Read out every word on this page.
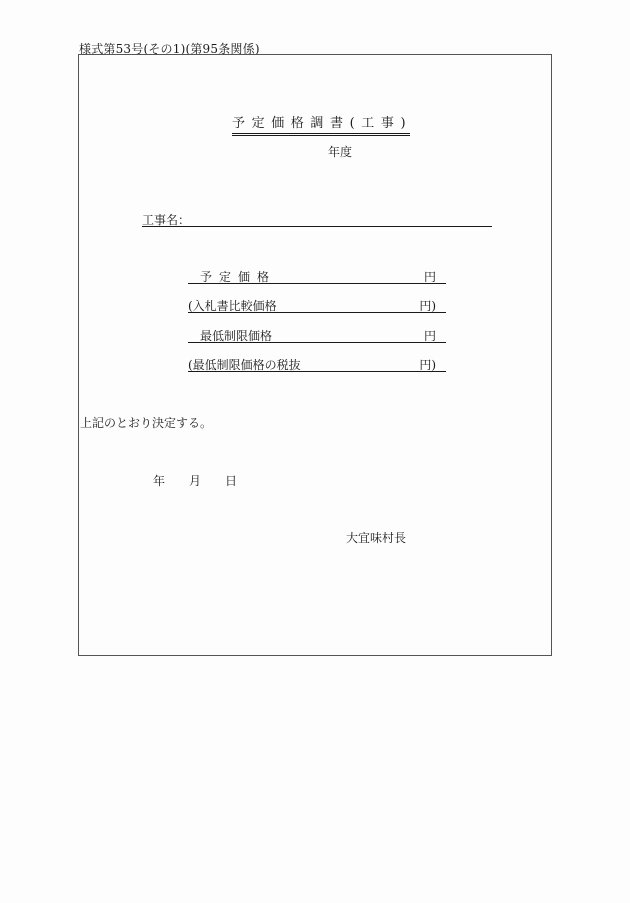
様式第53号(その1)(第95条関係)
予定価格調書(工事)
年度
工事名：
予定価格	円
(入札書比較価格	円)
最低制限価格	円
(最低制限価格の税抜	円)
上記のとおり決定する。
年 月 日
大宜味村長
